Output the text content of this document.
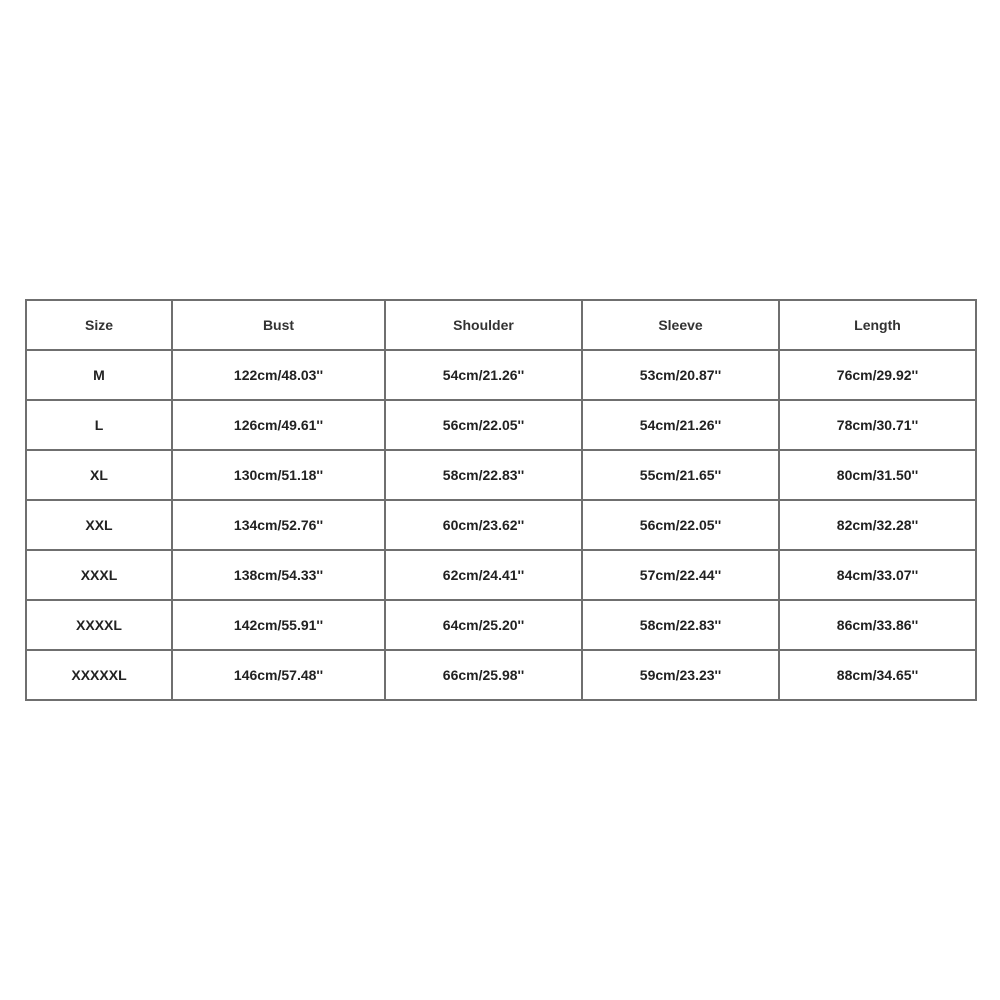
Size	Bust	Shoulder	Sleeve	Length
M	122cm/48.03''	54cm/21.26''	53cm/20.87''	76cm/29.92''
L	126cm/49.61''	56cm/22.05''	54cm/21.26''	78cm/30.71''
XL	130cm/51.18''	58cm/22.83''	55cm/21.65''	80cm/31.50''
XXL	134cm/52.76''	60cm/23.62''	56cm/22.05''	82cm/32.28''
XXXL	138cm/54.33''	62cm/24.41''	57cm/22.44''	84cm/33.07''
XXXXL	142cm/55.91''	64cm/25.20''	58cm/22.83''	86cm/33.86''
XXXXXL	146cm/57.48''	66cm/25.98''	59cm/23.23''	88cm/34.65''
